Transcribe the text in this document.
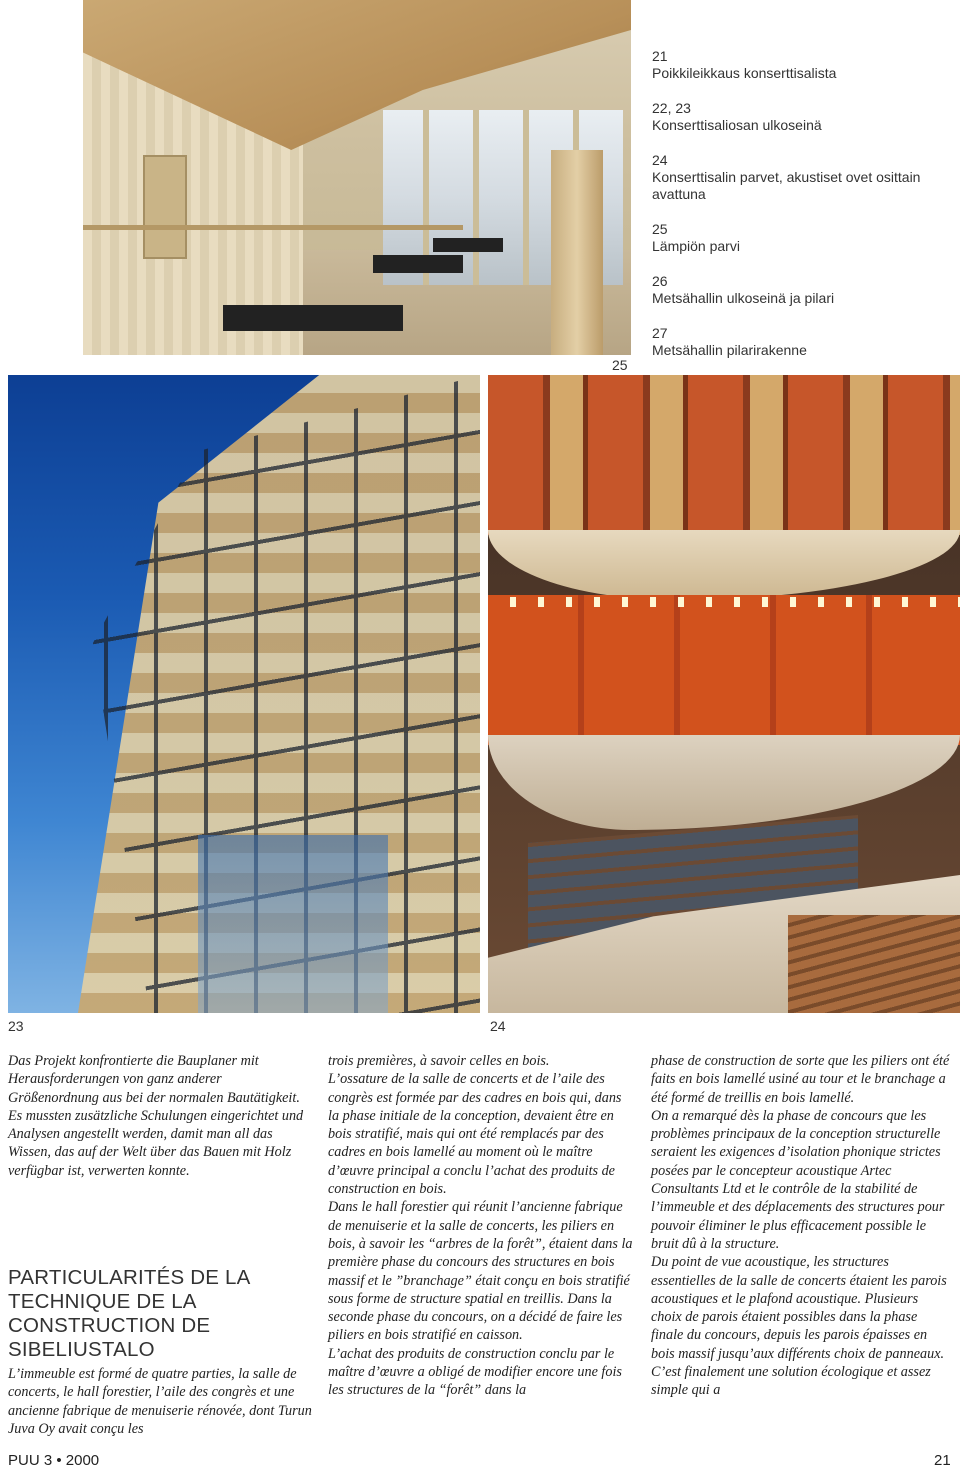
25
21
Poikkileikkaus konserttisalista
22, 23
Konserttisaliosan ulkoseinä
24
Konserttisalin parvet, akustiset ovet osittain avattuna
25
Lämpiön parvi
26
Metsähallin ulkoseinä ja pilari
27
Metsähallin pilarirakenne
23	24

Das Projekt konfrontierte die Bauplaner mit Herausforderungen von ganz anderer Größenordnung aus bei der normalen Bautätigkeit. Es mussten zusätzliche Schulungen eingerichtet und Analysen angestellt werden, damit man all das Wissen, das auf der Welt über das Bauen mit Holz verfügbar ist, verwerten konnte.

PARTICULARITÉS DE LA TECHNIQUE DE LA CONSTRUCTION DE SIBELIUSTALO

L’immeuble est formé de quatre parties, la salle de concerts, le hall forestier, l’aile des congrès et une ancienne fabrique de menuiserie rénovée, dont Turun Juva Oy avait conçu les

trois premières, à savoir celles en bois.

L’ossature de la salle de concerts et de l’aile des congrès est formée par des cadres en bois qui, dans la phase initiale de la conception, devaient être en bois stratifié, mais qui ont été remplacés par des cadres en bois lamellé au moment où le maître d’œuvre principal a conclu l’achat des produits de construction en bois.

Dans le hall forestier qui réunit l’ancienne fabrique de menuiserie et la salle de concerts, les piliers en bois, à savoir les “arbres de la forêt”, étaient dans la première phase du concours des structures en bois massif et le ”branchage” était conçu en bois stratifié sous forme de structure spatial en treillis. Dans la seconde phase du concours, on a décidé de faire les piliers en bois stratifié en caisson.

L’achat des produits de construction conclu par le maître d’œuvre a obligé de modifier encore une fois les structures de la “forêt” dans la

phase de construction de sorte que les piliers ont été faits en bois lamellé usiné au tour et le branchage a été formé de treillis en bois lamellé.

On a remarqué dès la phase de concours que les problèmes principaux de la conception structurelle seraient les exigences d’isolation phonique strictes posées par le concepteur acoustique Artec Consultants Ltd et le contrôle de la stabilité de l’immeuble et des déplacements des structures pour pouvoir éliminer le plus efficacement possible le bruit dû à la structure.

Du point de vue acoustique, les structures essentielles de la salle de concerts étaient les parois acoustiques et le plafond acoustique. Plusieurs choix de parois étaient possibles dans la phase finale du concours, depuis les parois épaisses en bois massif jusqu’aux différents choix de panneaux. C’est finalement une solution écologique et assez simple qui a

PUU 3 • 2000	21
